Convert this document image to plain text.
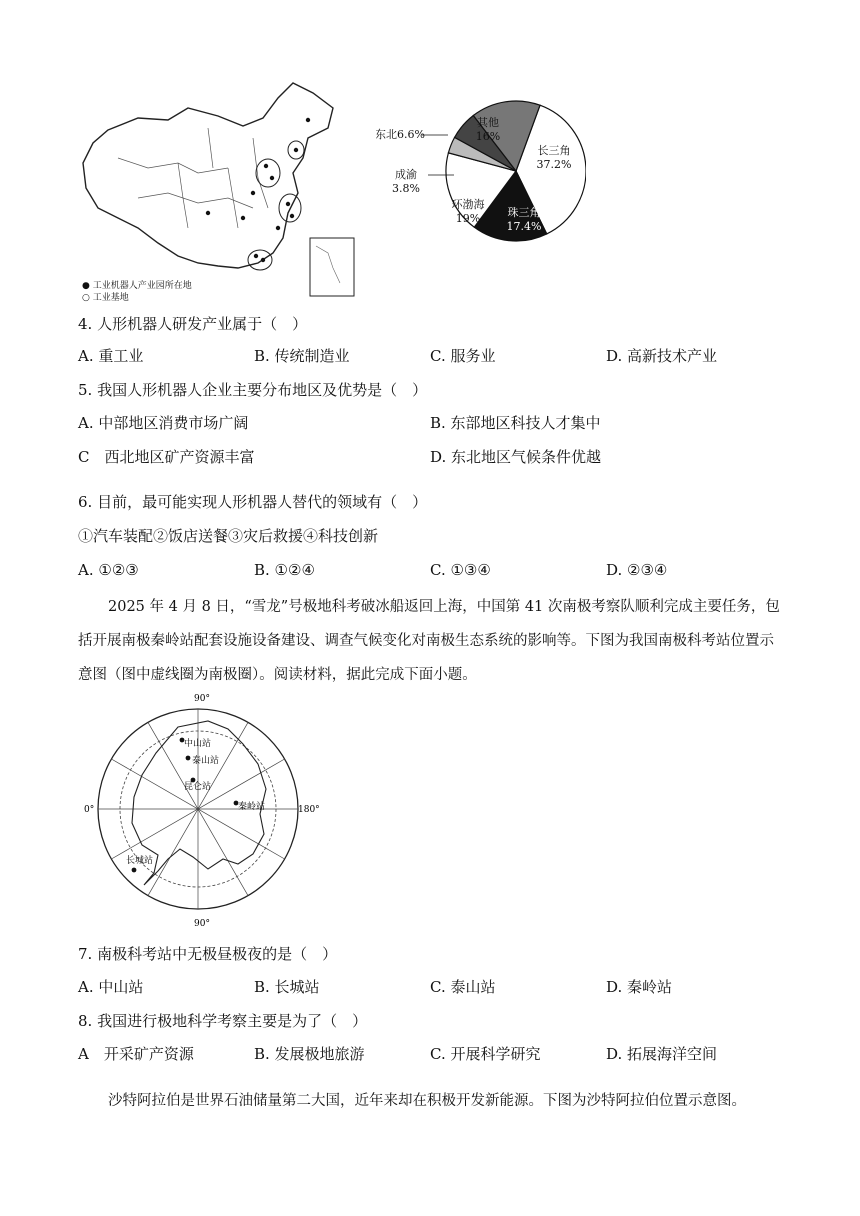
● 工业机器人产业园所在地
○ 工业基地
长三角
37.2%
珠三角
17.4%
环渤海
19%
成渝
3.8%
东北6.6%
其他
16%
4. 人形机器人研发产业属于（　）
A. 重工业	B. 传统制造业	C. 服务业	D. 高新技术产业
5. 我国人形机器人企业主要分布地区及优势是（　）
A. 中部地区消费市场广阔	B. 东部地区科技人才集中
C　西北地区矿产资源丰富	D. 东北地区气候条件优越
6. 目前，最可能实现人形机器人替代的领域有（　）
①汽车装配②饭店送餐③灾后救援④科技创新
A. ①②③	B. ①②④	C. ①③④	D. ②③④
2025 年 4 月 8 日，“雪龙”号极地科考破冰船返回上海，中国第 41 次南极考察队顺利完成主要任务，包括开展南极秦岭站配套设施设备建设、调查气候变化对南极生态系统的影响等。下图为我国南极科考站位置示意图（图中虚线圈为南极圈）。阅读材料，据此完成下面小题。
中山站
泰山站
昆仑站
秦岭站
长城站
90°
90°
0°	180°
7. 南极科考站中无极昼极夜的是（　）
A. 中山站	B. 长城站	C. 泰山站	D. 秦岭站
8. 我国进行极地科学考察主要是为了（　）
A　开采矿产资源	B. 发展极地旅游	C. 开展科学研究	D. 拓展海洋空间
沙特阿拉伯是世界石油储量第二大国，近年来却在积极开发新能源。下图为沙特阿拉伯位置示意图。
